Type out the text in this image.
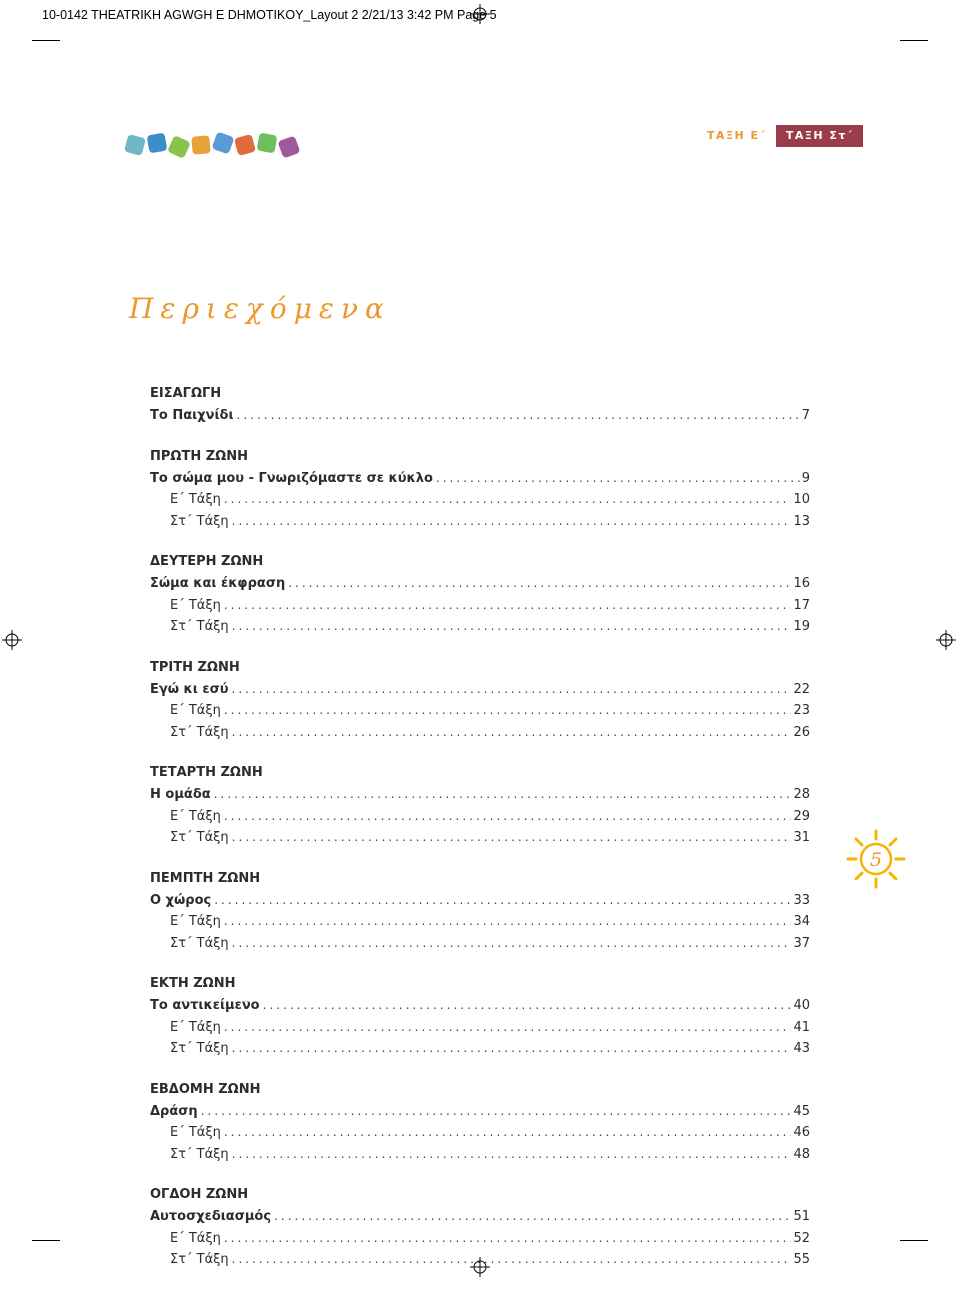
10-0142 THEATRIKH AGWGH E DHMOTIKOY_Layout 2 2/21/13 3:42 PM Page 5
ΤΑΞΗ Ε΄	ΤΑΞΗ Στ΄
Περιεχόμενα
ΕΙΣΑΓΩΓΗ
Το Παιχνίδι .....	7
ΠΡΩΤΗ ΖΩΝΗ
Το σώμα μου - Γνωριζόμαστε σε κύκλο .....	9
Ε΄ Τάξη .....	10
Στ΄ Τάξη .....	13
ΔΕΥΤΕΡΗ ΖΩΝΗ
Σώμα και έκφραση .....	16
Ε΄ Τάξη .....	17
Στ΄ Τάξη .....	19
ΤΡΙΤΗ ΖΩΝΗ
Εγώ κι εσύ .....	22
Ε΄ Τάξη .....	23
Στ΄ Τάξη .....	26
ΤΕΤΑΡΤΗ ΖΩΝΗ
Η ομάδα .....	28
Ε΄ Τάξη .....	29
Στ΄ Τάξη .....	31
ΠΕΜΠΤΗ ΖΩΝΗ
Ο χώρος .....	33
Ε΄ Τάξη .....	34
Στ΄ Τάξη .....	37
ΕΚΤΗ ΖΩΝΗ
Το αντικείμενο .....	40
Ε΄ Τάξη .....	41
Στ΄ Τάξη .....	43
ΕΒΔΟΜΗ ΖΩΝΗ
Δράση .....	45
Ε΄ Τάξη .....	46
Στ΄ Τάξη .....	48
ΟΓΔΟΗ ΖΩΝΗ
Αυτοσχεδιασμός .....	51
Ε΄ Τάξη .....	52
Στ΄ Τάξη .....	55
5
